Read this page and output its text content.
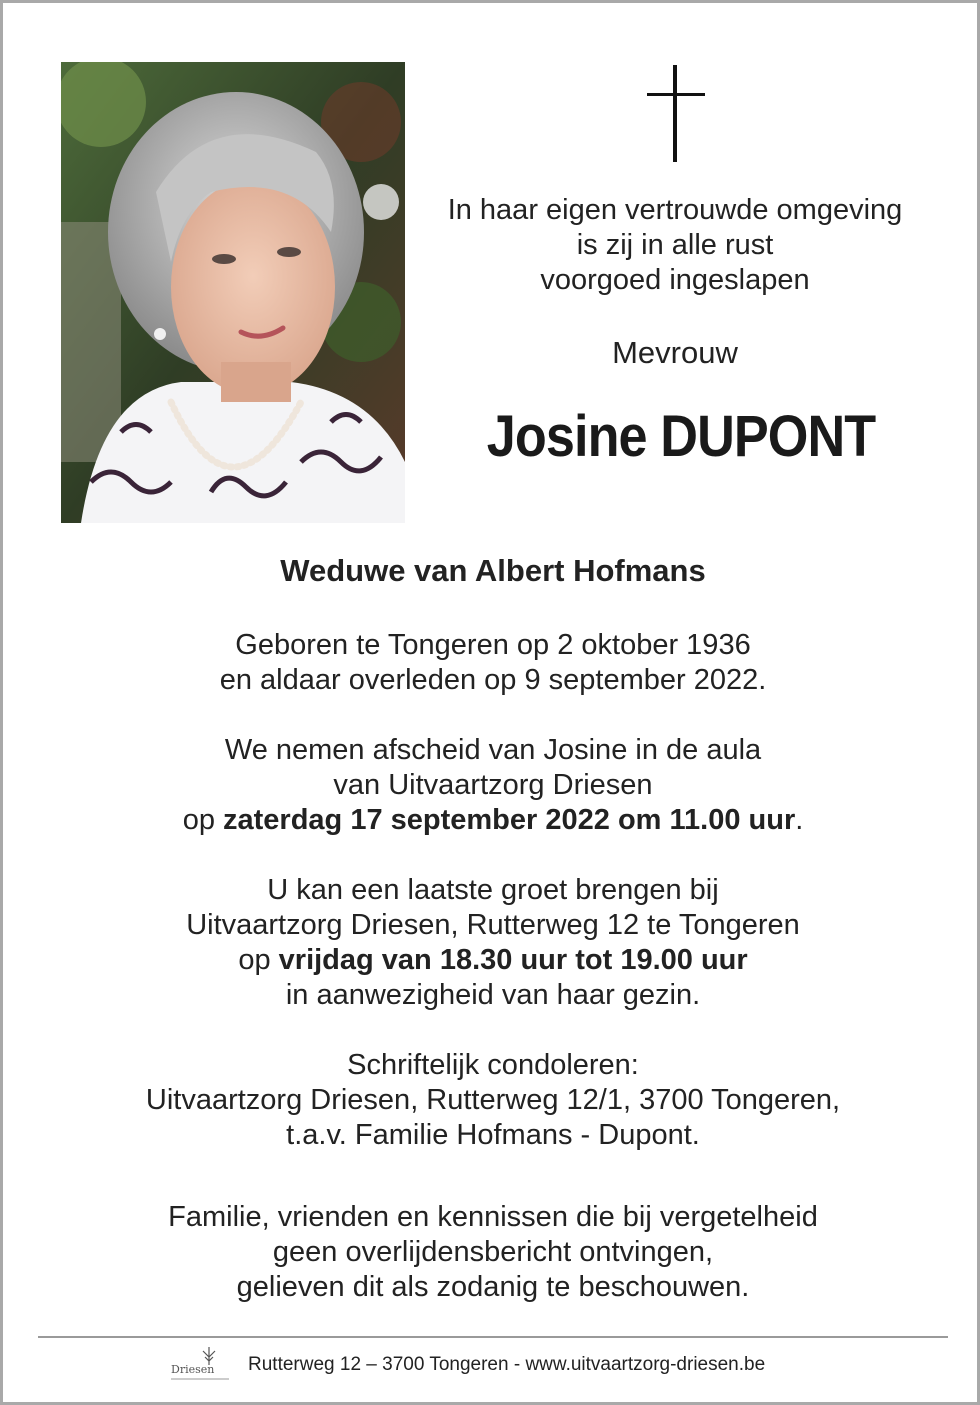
In haar eigen vertrouwde omgeving
is zij in alle rust
voorgoed ingeslapen
Mevrouw
Josine DUPONT
Weduwe van Albert Hofmans
Geboren te Tongeren op 2 oktober 1936
en aldaar overleden op 9 september 2022.
We nemen afscheid van Josine in de aula
van Uitvaartzorg Driesen
op zaterdag 17 september 2022 om 11.00 uur.
U kan een laatste groet brengen bij
Uitvaartzorg Driesen, Rutterweg 12 te Tongeren
op vrijdag van 18.30 uur tot 19.00 uur
in aanwezigheid van haar gezin.
Schriftelijk condoleren:
Uitvaartzorg Driesen, Rutterweg 12/1, 3700 Tongeren,
t.a.v. Familie Hofmans - Dupont.
Familie, vrienden en kennissen die bij vergetelheid
geen overlijdensbericht ontvingen,
gelieven dit als zodanig te beschouwen.
Driesen Rutterweg 12 – 3700 Tongeren - www.uitvaartzorg-driesen.be
